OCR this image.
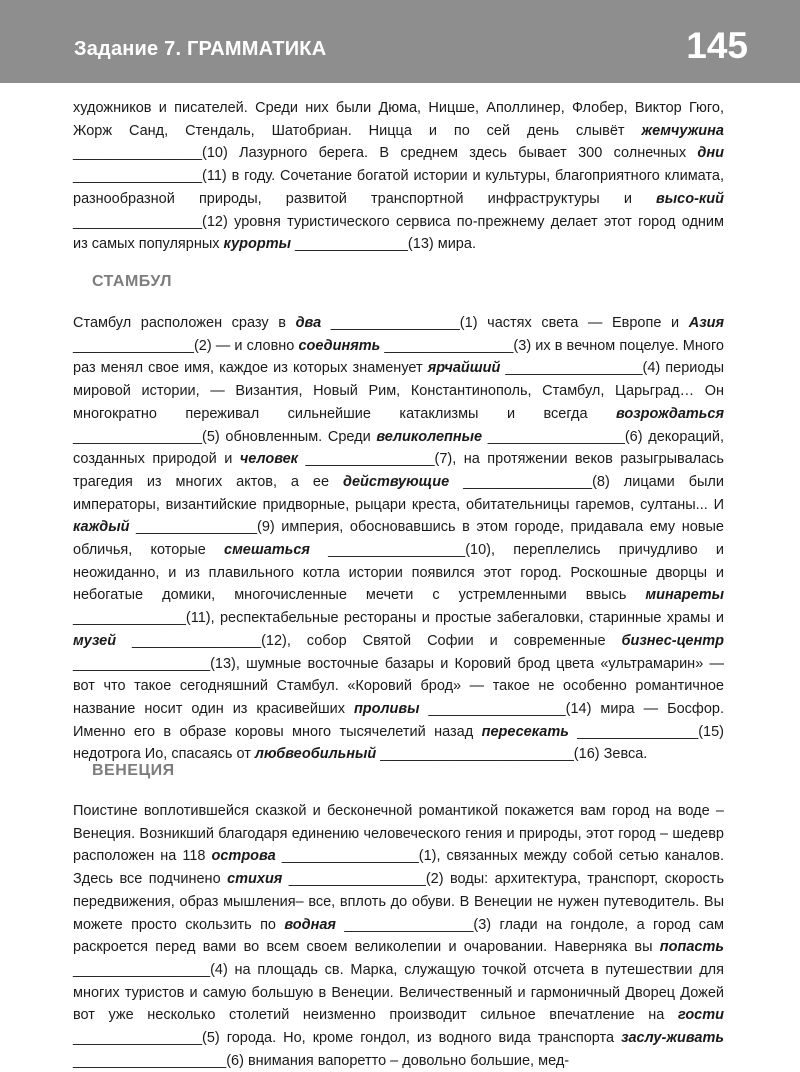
Задание 7. ГРАММАТИКА	145

художников и писателей. Среди них были Дюма, Ницше, Аполлинер, Флобер, Виктор Гюго, Жорж Санд, Стендаль, Шатобриан. Ницца и по сей день слывёт жемчужина ________________(10) Лазурного берега. В среднем здесь бывает 300 солнечных дни ________________(11) в году. Сочетание богатой истории и культуры, благоприятного климата, разнообразной природы, развитой транспортной инфраструктуры и высо-кий ________________(12) уровня туристического сервиса по-прежнему делает этот город одним из самых популярных курорты ______________(13) мира.

СТАМБУЛ

Стамбул расположен сразу в два ________________(1) частях света — Европе и Азия _______________(2) — и словно соединять ________________(3) их в вечном поцелуе. Много раз менял свое имя, каждое из которых знаменует ярчайший _________________(4) периоды мировой истории, — Византия, Новый Рим, Константинополь, Стамбул, Царьград… Он многократно переживал сильнейшие катаклизмы и всегда возрождаться ________________(5) обновленным. Среди великолепные _________________(6) декораций, созданных природой и человек ________________(7), на протяжении веков разыгрывалась трагедия из многих актов, а ее действующие ________________(8) лицами были императоры, византийские придворные, рыцари креста, обитательницы гаремов, султаны... И каждый _______________(9) империя, обосновавшись в этом городе, придавала ему новые обличья, которые смешаться _________________(10), переплелись причудливо и неожиданно, и из плавильного котла истории появился этот город. Роскошные дворцы и небогатые домики, многочисленные мечети с устремленными ввысь минареты ______________(11), респектабельные рестораны и простые забегаловки, старинные храмы и музей ________________(12), собор Святой Софии и современные бизнес-центр _________________(13), шумные восточные базары и Коровий брод цвета «ультрамарин» — вот что такое сегодняшний Стамбул. «Коровий брод» — такое не особенно романтичное название носит один из красивейших проливы _________________(14) мира — Босфор. Именно его в образе коровы много тысячелетий назад пересекать _______________(15) недотрога Ио, спасаясь от любвеобильный ________________________(16) Зевса.

ВЕНЕЦИЯ

Поистине воплотившейся сказкой и бесконечной романтикой покажется вам город на воде – Венеция. Возникший благодаря единению человеческого гения и природы, этот город – шедевр расположен на 118 острова _________________(1), связанных между собой сетью каналов. Здесь все подчинено стихия _________________(2) воды: архитектура, транспорт, скорость передвижения, образ мышления– все, вплоть до обуви. В Венеции не нужен путеводитель. Вы можете просто скользить по водная ________________(3) глади на гондоле, а город сам раскроется перед вами во всем своем великолепии и очаровании. Наверняка вы попасть _________________(4) на площадь св. Марка, служащую точкой отсчета в путешествии для многих туристов и самую большую в Венеции. Величественный и гармоничный Дворец Дожей вот уже несколько столетий неизменно производит сильное впечатление на гости ________________(5) города. Но, кроме гондол, из водного вида транспорта заслу-живать ___________________(6) внимания вапоретто – довольно большие, мед-
